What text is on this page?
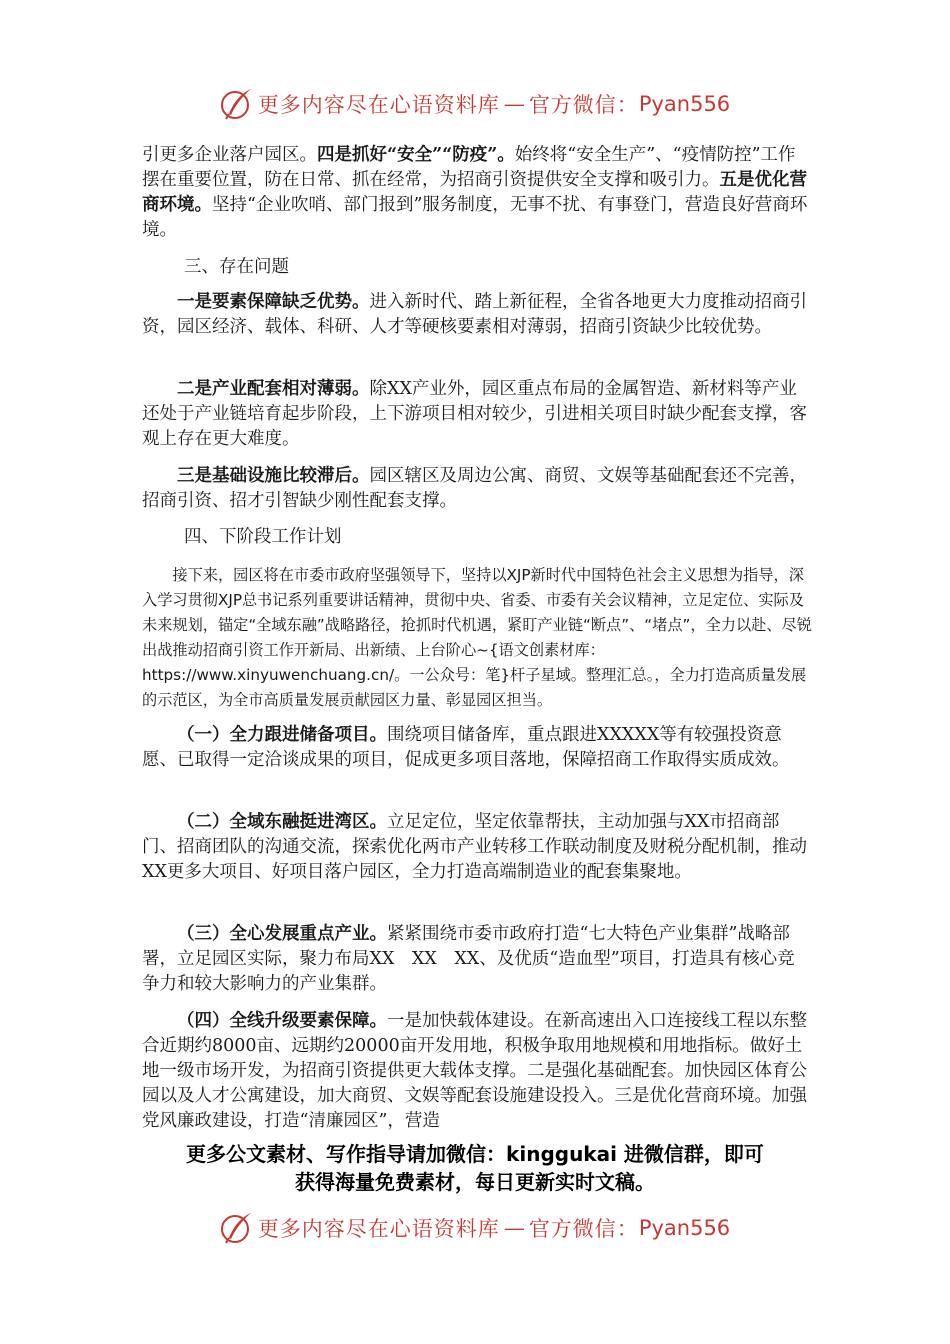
更多内容尽在心语资料库 — 官方微信： Pyan556

引更多企业落户园区。四是抓好“安全”“防疫”。始终将“安全生产”、“疫情防控”工作摆在重要位置，防在日常、抓在经常，为招商引资提供安全支撑和吸引力。五是优化营商环境。坚持“企业吹哨、部门报到”服务制度，无事不扰、有事登门，营造良好营商环境。

三、存在问题

一是要素保障缺乏优势。进入新时代、踏上新征程，全省各地更大力度推动招商引资，园区经济、载体、科研、人才等硬核要素相对薄弱，招商引资缺少比较优势。

二是产业配套相对薄弱。除XX产业外，园区重点布局的金属智造、新材料等产业还处于产业链培育起步阶段，上下游项目相对较少，引进相关项目时缺少配套支撑，客观上存在更大难度。

三是基础设施比较滞后。园区辖区及周边公寓、商贸、文娱等基础配套还不完善，招商引资、招才引智缺少刚性配套支撑。

四、下阶段工作计划

接下来，园区将在市委市政府坚强领导下，坚持以XJP新时代中国特色社会主义思想为指导，深入学习贯彻XJP总书记系列重要讲话精神，贯彻中央、省委、市委有关会议精神，立足定位、实际及未来规划，锚定“全域东融”战略路径，抢抓时代机遇，紧盯产业链“断点”、“堵点”，全力以赴、尽锐出战推动招商引资工作开新局、出新绩、上台阶心~{语文创素材库：https://www.xinyuwenchuang.cn/。一公众号：笔}杆子星域。整理汇总。，全力打造高质量发展的示范区，为全市高质量发展贡献园区力量、彰显园区担当。

（一）全力跟进储备项目。围绕项目储备库，重点跟进XXXXX等有较强投资意愿、已取得一定洽谈成果的项目，促成更多项目落地，保障招商工作取得实质成效。

（二）全域东融挺进湾区。立足定位，坚定依靠帮扶，主动加强与XX市招商部门、招商团队的沟通交流，探索优化两市产业转移工作联动制度及财税分配机制，推动XX更多大项目、好项目落户园区，全力打造高端制造业的配套集聚地。

（三）全心发展重点产业。紧紧围绕市委市政府打造“七大特色产业集群”战略部署，立足园区实际，聚力布局XX　XX　XX、及优质“造血型”项目，打造具有核心竞争力和较大影响力的产业集群。

（四）全线升级要素保障。一是加快载体建设。在新高速出入口连接线工程以东整合近期约8000亩、远期约20000亩开发用地，积极争取用地规模和用地指标。做好土地一级市场开发，为招商引资提供更大载体支撑。二是强化基础配套。加快园区体育公园以及人才公寓建设，加大商贸、文娱等配套设施建设投入。三是优化营商环境。加强党风廉政建设，打造“清廉园区”，营造

更多公文素材、写作指导请加微信：kinggukai 进微信群，即可
获得海量免费素材，每日更新实时文稿。
更多内容尽在心语资料库 — 官方微信： Pyan556
